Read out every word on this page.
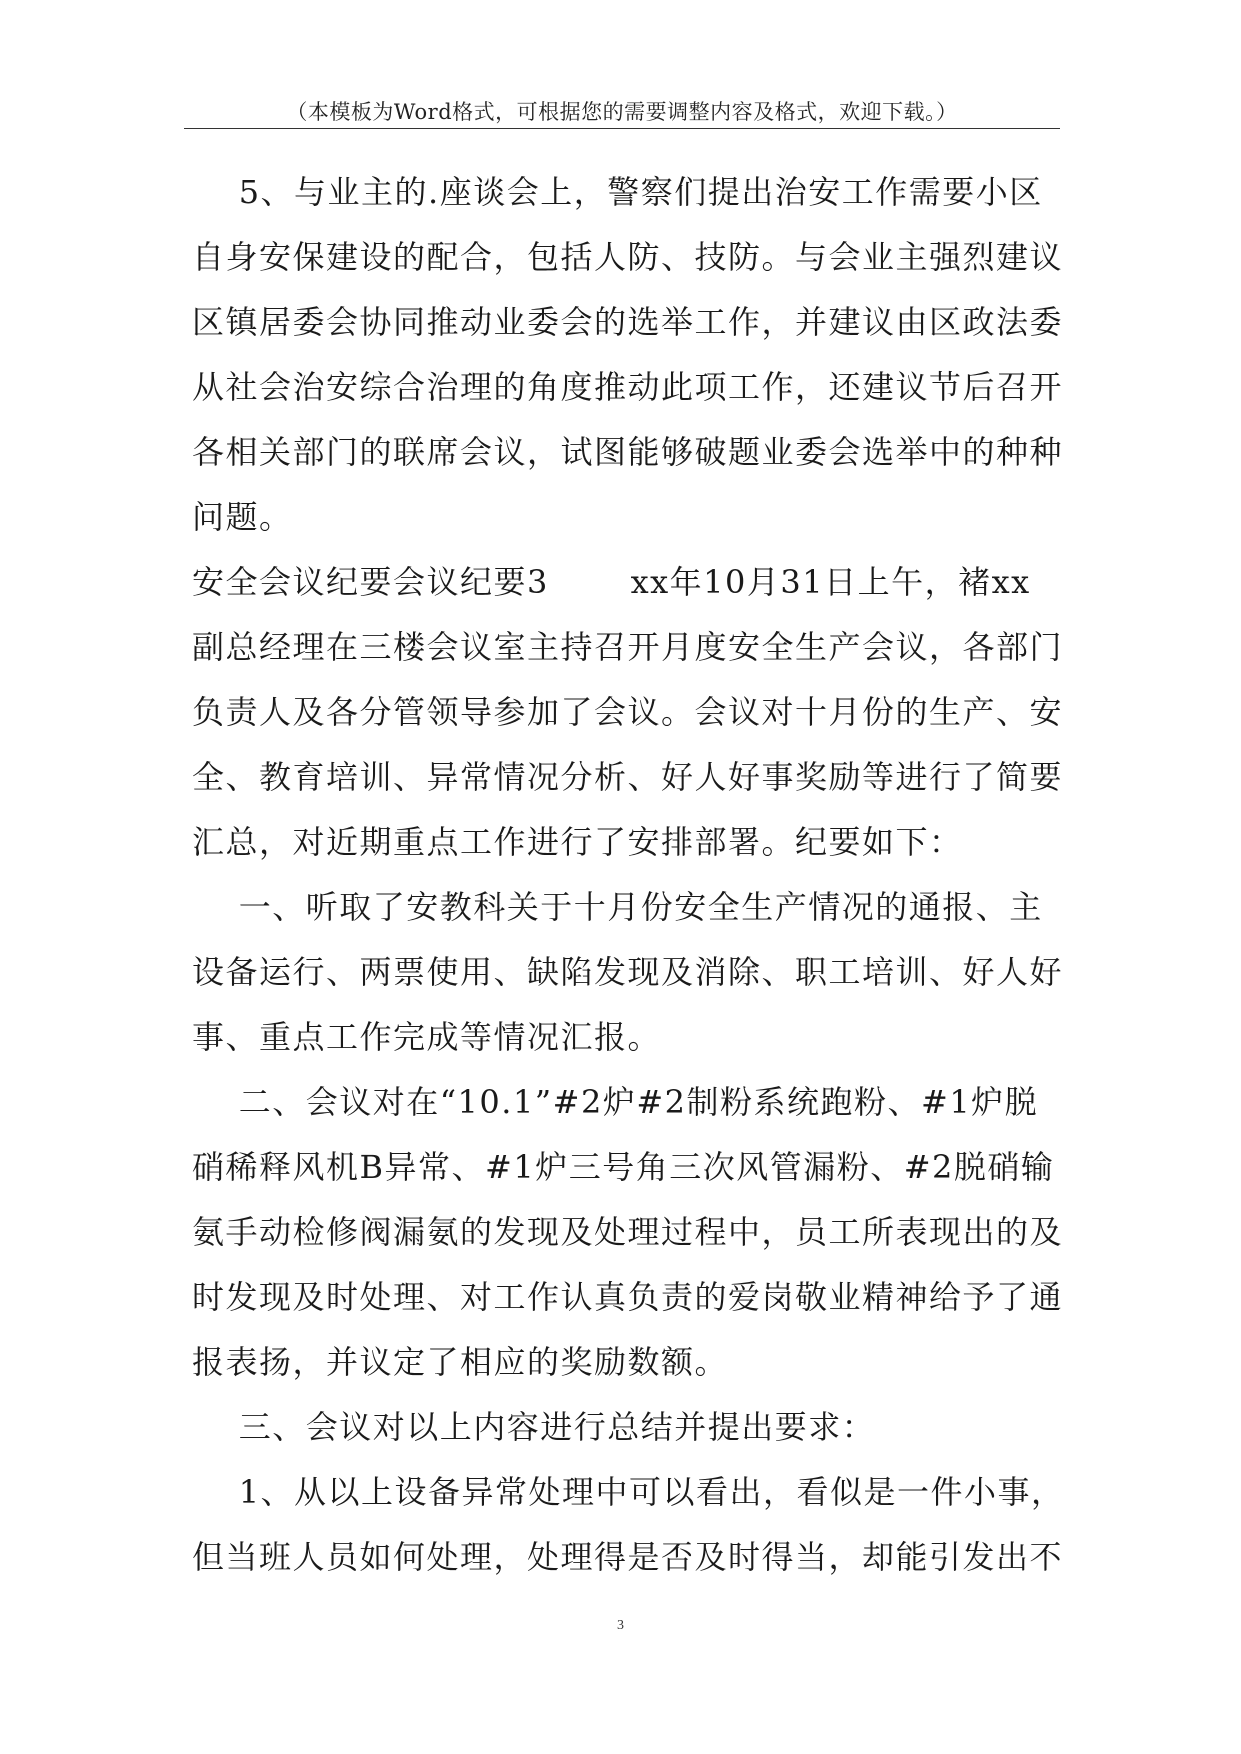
（本模板为Word格式，可根据您的需要调整内容及格式，欢迎下载。）
5、与业主的.座谈会上，警察们提出治安工作需要小区
自身安保建设的配合，包括人防、技防。与会业主强烈建议
区镇居委会协同推动业委会的选举工作，并建议由区政法委
从社会治安综合治理的角度推动此项工作，还建议节后召开
各相关部门的联席会议，试图能够破题业委会选举中的种种
问题。
安全会议纪要会议纪要3       xx年10月31日上午，褚xx
副总经理在三楼会议室主持召开月度安全生产会议，各部门
负责人及各分管领导参加了会议。会议对十月份的生产、安
全、教育培训、异常情况分析、好人好事奖励等进行了简要
汇总，对近期重点工作进行了安排部署。纪要如下：
一、听取了安教科关于十月份安全生产情况的通报、主
设备运行、两票使用、缺陷发现及消除、职工培训、好人好
事、重点工作完成等情况汇报。
二、会议对在“10.1”#2炉#2制粉系统跑粉、#1炉脱
硝稀释风机B异常、#1炉三号角三次风管漏粉、#2脱硝输
氨手动检修阀漏氨的发现及处理过程中，员工所表现出的及
时发现及时处理、对工作认真负责的爱岗敬业精神给予了通
报表扬，并议定了相应的奖励数额。
三、会议对以上内容进行总结并提出要求：
1、从以上设备异常处理中可以看出，看似是一件小事，
但当班人员如何处理，处理得是否及时得当，却能引发出不
3
